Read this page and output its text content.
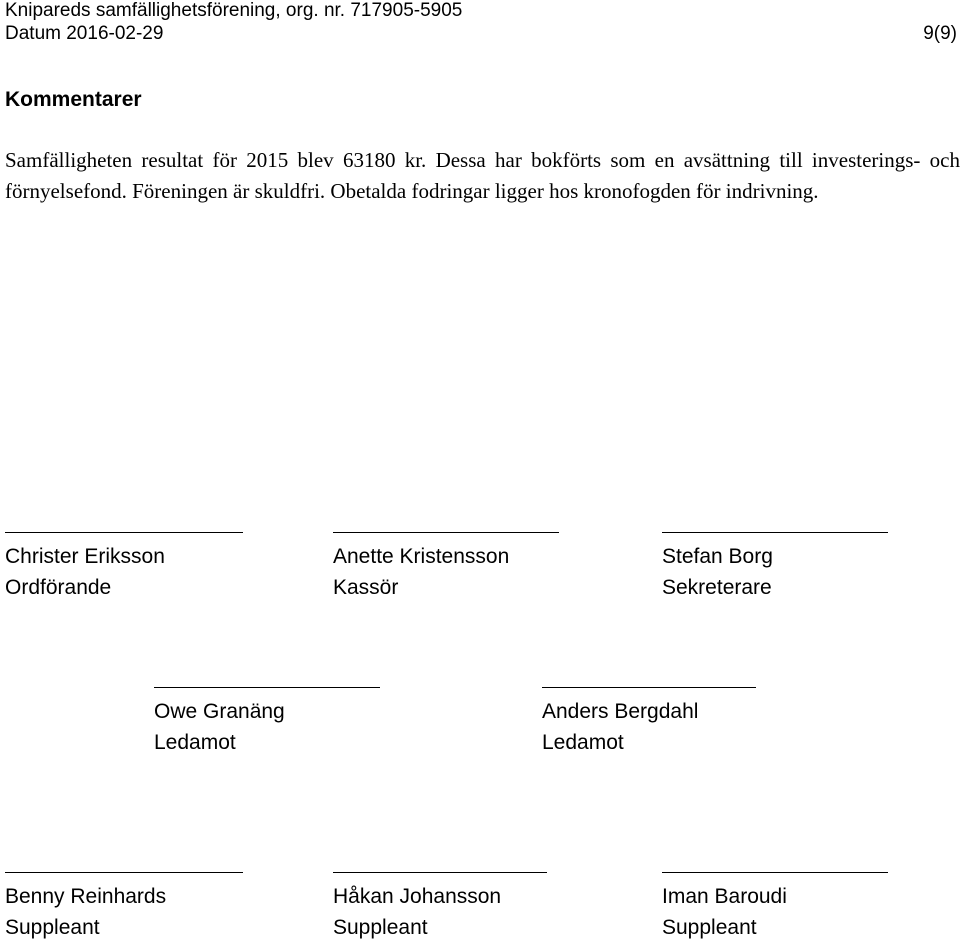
Knipareds samfällighetsförening, org. nr. 717905-5905
Datum 2016-02-29	9(9)
Kommentarer

Samfälligheten resultat för 2015 blev 63180 kr. Dessa har bokförts som en avsättning till investerings- och förnyelsefond. Föreningen är skuldfri. Obetalda fodringar ligger hos kronofogden för indrivning.

Christer Eriksson
Ordförande
Anette Kristensson
Kassör
Stefan Borg
Sekreterare
Owe Granäng
Ledamot
Anders Bergdahl
Ledamot
Benny Reinhards
Suppleant
Håkan Johansson
Suppleant
Iman Baroudi
Suppleant
